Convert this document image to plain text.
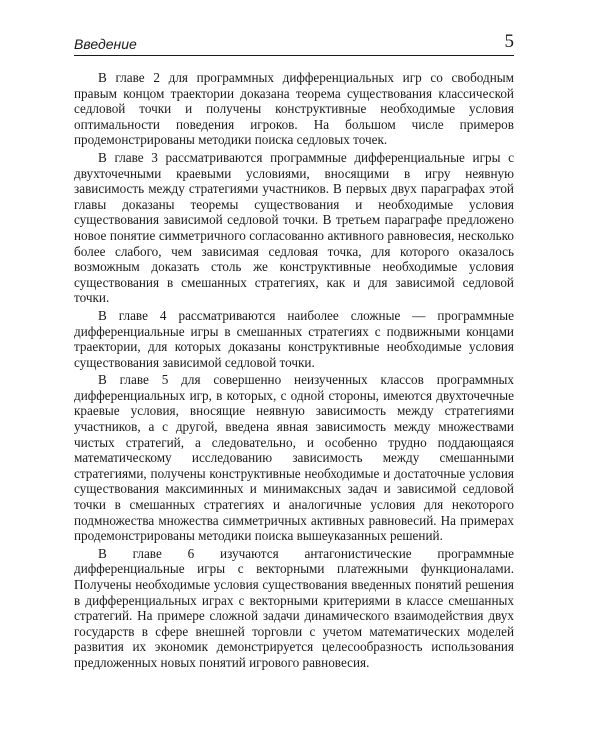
Введение	5

В главе 2 для программных дифференциальных игр со свободным правым концом траектории доказана теорема существования классической седловой точки и получены конструктивные необходимые условия оптимальности поведения игроков. На большом числе примеров продемонстрированы методики поиска седловых точек.

В главе 3 рассматриваются программные дифференциальные игры с двухточечными краевыми условиями, вносящими в игру неявную зависимость между стратегиями участников. В первых двух параграфах этой главы доказаны теоремы существования и необходимые условия существования зависимой седловой точки. В третьем параграфе предложено новое понятие симметричного согласованно активного равновесия, несколько более слабого, чем зависимая седловая точка, для которого оказалось возможным доказать столь же конструктивные необходимые условия существования в смешанных стратегиях, как и для зависимой седловой точки.

В главе 4 рассматриваются наиболее сложные — программные дифференциальные игры в смешанных стратегиях с подвижными концами траектории, для которых доказаны конструктивные необходимые условия существования зависимой седловой точки.

В главе 5 для совершенно неизученных классов программных дифференциальных игр, в которых, с одной стороны, имеются двухточечные краевые условия, вносящие неявную зависимость между стратегиями участников, а с другой, введена явная зависимость между множествами чистых стратегий, а следовательно, и особенно трудно поддающаяся математическому исследованию зависимость между смешанными стратегиями, получены конструктивные необходимые и достаточные условия существования максиминных и минимаксных задач и зависимой седловой точки в смешанных стратегиях и аналогичные условия для некоторого подмножества множества симметричных активных равновесий. На примерах продемонстрированы методики поиска вышеуказанных решений.

В главе 6 изучаются антагонистические программные дифференциальные игры с векторными платежными функционалами. Получены необходимые условия существования введенных понятий решения в дифференциальных играх с векторными критериями в классе смешанных стратегий. На примере сложной задачи динамического взаимодействия двух государств в сфере внешней торговли с учетом математических моделей развития их экономик демонстрируется целесообразность использования предложенных новых понятий игрового равновесия.
